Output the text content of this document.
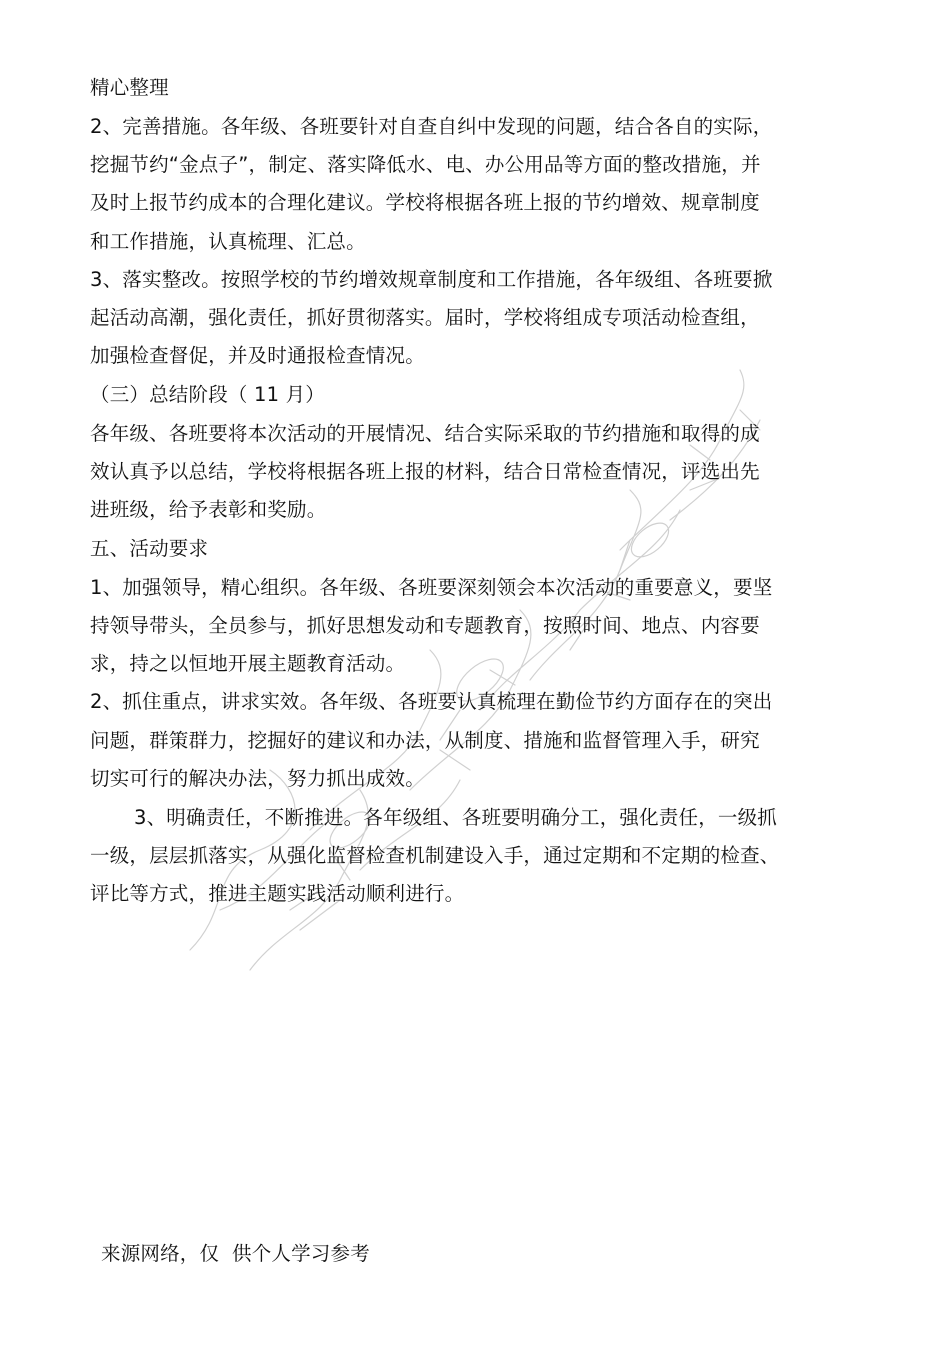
精心整理
2、完善措施。各年级、各班要针对自查自纠中发现的问题，结合各自的实际，
挖掘节约“金点子”，制定、落实降低水、电、办公用品等方面的整改措施，并
及时上报节约成本的合理化建议。学校将根据各班上报的节约增效、规章制度
和工作措施，认真梳理、汇总。
3、落实整改。按照学校的节约增效规章制度和工作措施，各年级组、各班要掀
起活动高潮，强化责任，抓好贯彻落实。届时，学校将组成专项活动检查组，
加强检查督促，并及时通报检查情况。
（三）总结阶段（ 11 月）
各年级、各班要将本次活动的开展情况、结合实际采取的节约措施和取得的成
效认真予以总结，学校将根据各班上报的材料，结合日常检查情况，评选出先
进班级，给予表彰和奖励。
五、活动要求
1、加强领导，精心组织。各年级、各班要深刻领会本次活动的重要意义，要坚
持领导带头，全员参与，抓好思想发动和专题教育，按照时间、地点、内容要
求，持之以恒地开展主题教育活动。
2、抓住重点，讲求实效。各年级、各班要认真梳理在勤俭节约方面存在的突出
问题，群策群力，挖掘好的建议和办法，从制度、措施和监督管理入手，研究
切实可行的解决办法，努力抓出成效。
3、明确责任，不断推进。各年级组、各班要明确分工，强化责任，一级抓
一级，层层抓落实，从强化监督检查机制建设入手，通过定期和不定期的检查、
评比等方式，推进主题实践活动顺利进行。
来源网络，仅  供个人学习参考
